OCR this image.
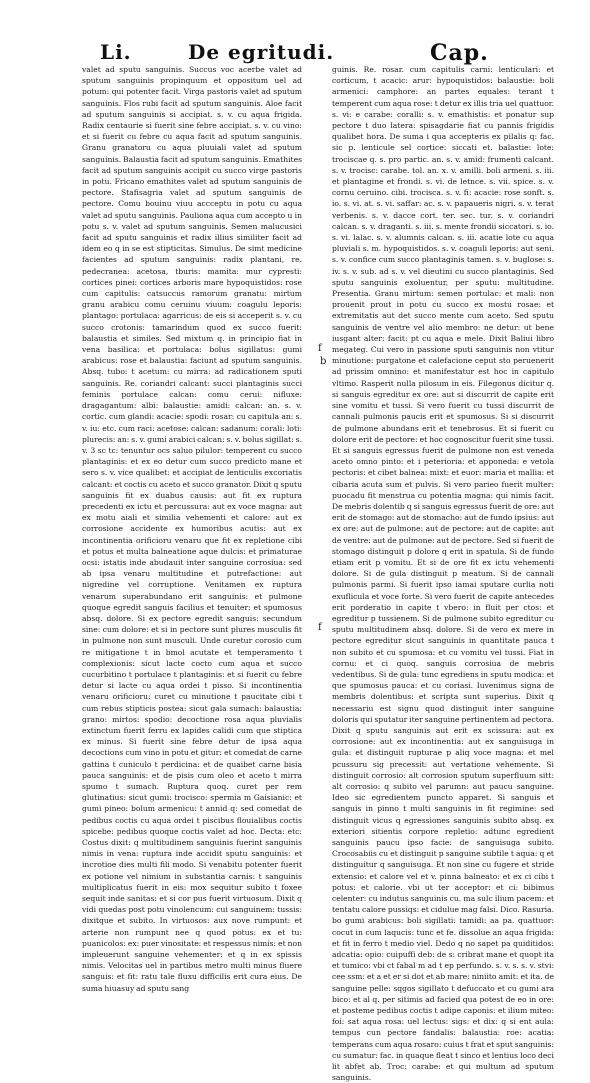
Li.	De egritudi.	Cap.

valet ad sputu sanguinis. Succus voc acerbe valet ad sputum sanguinis propinquum et oppositum uel ad potum: qui potenter facit. Virga pastoris valet ad sputum sanguinis. Flos rubi facit ad sputum sanguinis. Aloe facit ad sputum sanguinis si accipiat. s. v. cu aqua frigida. Radix centaurie si fuerit sine febre accipiat. s. v. cu vino: et si fuerit cu febre cu aqua facit ad sputum sanguinis. Granu granatoru cu aqua pluuiali valet ad sputum sanguinis. Balaustia facit ad sputum sanguinis. Emathites facit ad sputum sanguinis accipit cu succo virge pastoris in potu. Fricano emathites valet ad sputum sanguinis de pectore. Stafisagria valet ad sputum sanguinis de pectore. Comu bouinu viuu accceptu in potu cu aqua valet ad sputu sanguinis. Pauliona aqua cum accepto u in potu s. v. valet ad sputum sanguinis. Semen malucusici facit ad sputu sanguinis et radix illius similiter facit ad idem eo q in se est stipticitas. Simulus. De simt medicine facientes ad sputum sanguinis: radix plantani, re. pedecranea: acetosa, tburis: mamita: mur cypresti: cortices pinei: cortices arboris mare hypoquistidos: rose cum capitulis: catsuccus ramorum granatu: mirtum granu arabicu comu ceruinu viuum: coagulu leporis: plantago: portulaca: agarricus: de eis si acceperit s. v. cu succo crotonis: tamarindum quod ex succo fuerit: balaustia et similes. Sed mixtum q. in principio fiat in vena basilica: et portulaca: bolus sigillatus: gumi arabicus: rose et balaustia: faciunt ad sputum sanguinis. Absq. tubo: t acetum: cu mirra: ad radicationem sputi sanguinis. Re. coriandri calcant: succi plantaginis succi feminis portulace calcan: comu cerui: nifluxe: dragagantum: albi: balaustie: amidi: calcan: an. s. v. cortic. cum glandi: acacie: spodi: rosar: cu capitula an: s. v. iu: etc. cum raci: acetose: calcan: sadanum: corali: loti: plurecis: an: s. v. gumi arabici calcan: s. v. bolus sigillat: s. v. 3 sc tc: tenuntur ocs saluo pilulor: temperent cu succo plantaginis: et ex eo detur cum succo predicto mane et sero s. v. vice qualibet: et accipiat de lenticulis excoriatis calcant: et coctis cu aceto et succo granator. Dixit q sputu sanguinis fit ex duabus causis: aut fit ex ruptura precedenti ex ictu et percussura: aut ex voce magna: aut ex motu aiali et similia vehementi et calore: aut ex corrosione accidente ex humoribus acutis: aut ex incontinentia orificioru venaru que fit ex repletione cibi et potus et multa balneatione aque dulcis: et primaturae ocsi: istatis inde abudauit inter sanguine corrosiua: sed ab ipsa venaru multitudine et putrefactione: aut nigredine vel corruptione. Venitamen ex ruptura venarum superabundano erit sanguinis: et pulmone quoque egredit sanguis facilius et tenuiter: et spumosus absq. dolore. Si ex pectore egredit sanguis: secundum sine: cum dolore: et si in pectore sunt plures musculis fit in pulmone non sunt musculi. Unde curetur corosio cum re mitigatione t in bmol acutate et temperamento t complexionis: sicut lacte cocto cum aqua et succo cucurbitino t portulace t plantaginis: et si fuerit cu febre detur si lacte cu aqua ordei t pisso. Si incontinentia venaru orificioru: curet cu minutione t paucitate cibi t cum rebus stipticis postea: sicut gala sumach: balaustia: grano: mirtos: spodio: decoctione rosa aqua pluvialis extinctum fuerit ferru ex lapides calidi cum que stiptica ex minus. Si fuerit sine febre detur de ipsa aqua decoctions cum vino in potu et gitur: et comedat de carne gattina t cuniculo t perdicina: et de quaibet carne bisia pauca sanguinis: et de pisis cum oleo et aceto t mirra spumo t sumach. Ruptura quoq. curet per rem glutinatius: sicut gumi: trocisco: spermia m Gaisianic: et gumi pineo: bolum armenicu: t annid q: sed comedat de pedibus coctis cu aqua ordei t piscibus flouialibus coctis spicebe: pedibus quoque coctis valet ad hoc. Decta: etc: Costus dixit: q multitudinem sanguinis fuerint sanguinis nimis in vena: ruptura inde accidit sputu sanguinis: et incrotioe dies multi fili modo. Si venabitu potenter fuerit ex potione vel nimium in substantia carnis: t sanguinis multiplicatus fuerit in eis: mox sequitur subito t foxee sequit inde sanitas: et si cor pus fuerit virtuosum. Dixit q vidi quedas post potu vinolencum: cui sanguinem: tussis: dixitque et subito. In virtuosos: aux nove rumpunt: et arterie non rumpunt nee q quod potus: ex et tu: puanicolos: ex: puer vinositate: et respessus nimis: et non impleuerunt sanguine vehementer: et q in ex spissis nimis. Velocitas uel in partibus metro multi minus fluere sanguis: et fit: ratu tale fluxu difficilis erit cura eius. De suma hiuasuy ad sputu sang

f
b
f

guinis. Re. rosar. cum capitulis carni: lenticulari: et corticum, t acacic: arur: hypoquistidos: balaustie: boli armenici: camphore: an partes equales: terant t temperent cum aqua rose: t detur ex illis tria uel quattuor. s. vi: e carabe: coralli: s. v. emathistis: et ponatur sup pectore t duo latera: spisagdarie fiat cu pannis frigidis qualibet hora. De suma i qua accepteris ex pilalis q: fac. sic p. lenticule sel cortice: siccati et. balastie: lote: trociscae q. s. pro partic. an. s. v. amid: frumenti calcant. s. v. trocisc: carabe. tol. an. x. v. amilli. boli armeni. s. iii. et plantagine et frondi. s. vi. de letnce. s. vii. spice. s. v. cornu ceruino. cibi. trocisca. s. v. fi: acacie: rose sonft. s. io. s. vi. at. s. vi. saffar: ac. s. v. papaueris nigri. s. v. terat verbenis. s. v. dacce cort. ter. sec. tur. s. v. coriandri calcan. s. v. draganti. s. iii. s. mente frondii siccatori. s. io. s. vi. lalac. s. v. alumnis calcan. s. iii. acatie lote cu aqua pluviali s. m. hypoquistidos. s. v. coaguli leporis: aut seni. s. v. confice cum succo plantaginis tamen. s. v. buglose: s. iv. s. v. sub. ad s. v. vel dieutini cu succo plantaginis. Sed sputu sanguinis exoluentur, per sputu: multitudine. Presentia. Granu mirtum: semen portulac: et mali: non prouenit prout in potu cu succo ex mostu rosae: et extremitatis aut det succo mente cum aceto. Sed sputu sanguinis de ventre vel alio membro: ne detur: ut bene iusgant alter: facit: pt cu aqua e mele. Dixit Baliui libro megateg. Cui vero in passione sputi sanguinis non vtitur minutione: purgatone et calefacione ceput sto peruenerit ad prissim omnino: et manifestatur est hoc in capitulo vltimo. Rasperit nulla pilosum in eis. Filegonus dicitur q. si sanguis egreditur ex ore: aut si discurrit de capite erit sine vomitu et tussi. Si vero fuerit cu tussi discurrit de cannali pulmonis paucis erit et spumosus. Si si discurrit de pulmone abundans erit et tenebrosus. Et si fuerit cu dolore erit de pectore: et hoc cognoscitur fuerit sine tussi. Et si sanguis egressus fuerit de pulmone non est veneda aceto omno pinto: et i peterioria: et apponeda: e vetola pectoris: et cibet balnea: mixt: et euor: maria et mallia: et cibaria acuta sum et pulvis. Si vero parieo fuerit multer: puocadu fit menstrua cu potentia magna: qui nimis facit. De mebris dolentib q si sanguis egressus fuerit de ore: aut erit de stomago: aut de stomacho: aut de fundo ipsius: aut ex ore: aut de pulmone: aut de pectore: aut de capite: aut de ventre: aut de pulmone: aut de pectore. Sed si fuerit de stomago distinguit p dolore q erit in spatula. Si de fundo etiam erit p vomitu. Et si de ore fit ex ictu vehementi dolore. Si de gula distinguit p meatum. Si de cannali pulmonis parmi. Si fuerit ipso iamai sputare curlia noti exuflicula et voce forte. Si vero fuerit de capite antecedes erit porderatio in capite t vbero: in fluit per ctos: et egreditur p tussienem. Si de pulmone subito egreditur cu sputu multitudinem absq. dolore. Si de vero ex mere in pectore egreditur sicut sanguinis in quantitate pauca t non subito et cu spumosa: et cu vomitu vel tussi. Fiat in cornu: et ci quoq. sanguis corrosiua de mebris vedentibus. Si de gula: tunc egrediens in sputu modica: et que spumosus pauca: et cu coriasi. Iuvenimus signa de membris dolentibus: et scripta sunt superius. Dixit q necessariu est signu quod distinguit inter sanguine doloris qui sputatur iter sanguine pertinentem ad pectora. Dixit q sputu sanguinis aut erit ex scissura: aut ex corrosione: aut ex incontinentia: aut ex sanguisuga in gula: et distinguit rupturae p aliq voce magna: et mel pcussuru sig precessit: aut vertatione vehemente. Si distinguit corrosio: alt corrosion sputum superfluum sitt: alt corrosio: q subito vel parumn: aut paucu sanguine. Ideo sic egredientem puncto apparet. Si sanguis et sanguis in pinno t multi sanguinis in fit regimine: sed distinguit vicus q egressiones sanguinis subito absq. ex exteriori sitientis corpore repletio: adtunc egredient sanguinis paucu ipso facie: de sanguisuga subito. Crocosabiis cu et distinguit p sanguine subtile t aqua: q et distinguitur q sanguisuga. Et non sine cu fugere et stride extensio: et calore vel et v. pinna balneato: et ex ci cibi t potus: et calorie. vbi ut ter acceptor: et ci: bibimus celenter: cu indutus sanguinis cu. ma sulc ilium pacem: et tentatu calore pussiqs: et cidulue mag falsi. Dico. Rasuria. bo gumi arabicus: boli sigillati: tamidi: aa pa. quattuor: cocut in cum laqucis: tunc et fe. dissolue an aqua frigida: et fit in ferro t medio viel. Dedo q no sapet pa quiditidos: adcatia: opio: cuipuffi deb: de s: cribrat mane et quopt ita et tumico: vbi ct fabal m ad t ep perfundo. s. v. s. s. v. stvi: cee ssm: et a et er si dot et ab mare: niniito amit: et ita. de sanguine pelle: sqgos sigillato t defuccato et cu gumi ara bico: et al q. per sitimis ad facied qua potest de eo in ore: et posteme pedibus coctis t adipe caponis: et ilium miteo: foi: sat aqua rosa: uel lectus: sigs: et dix: q si ent aula: tempus cun pectore fandalis: balaustia: roe: acatia: temperans cum aqua rosaro: cuius t frat et sput sanguinis: cu sumatur: fac. in quaque fleat t sinco et lentius loco deci lit abfet ab. Troc: carabe: et qui multum ad sputum sanguinis.
